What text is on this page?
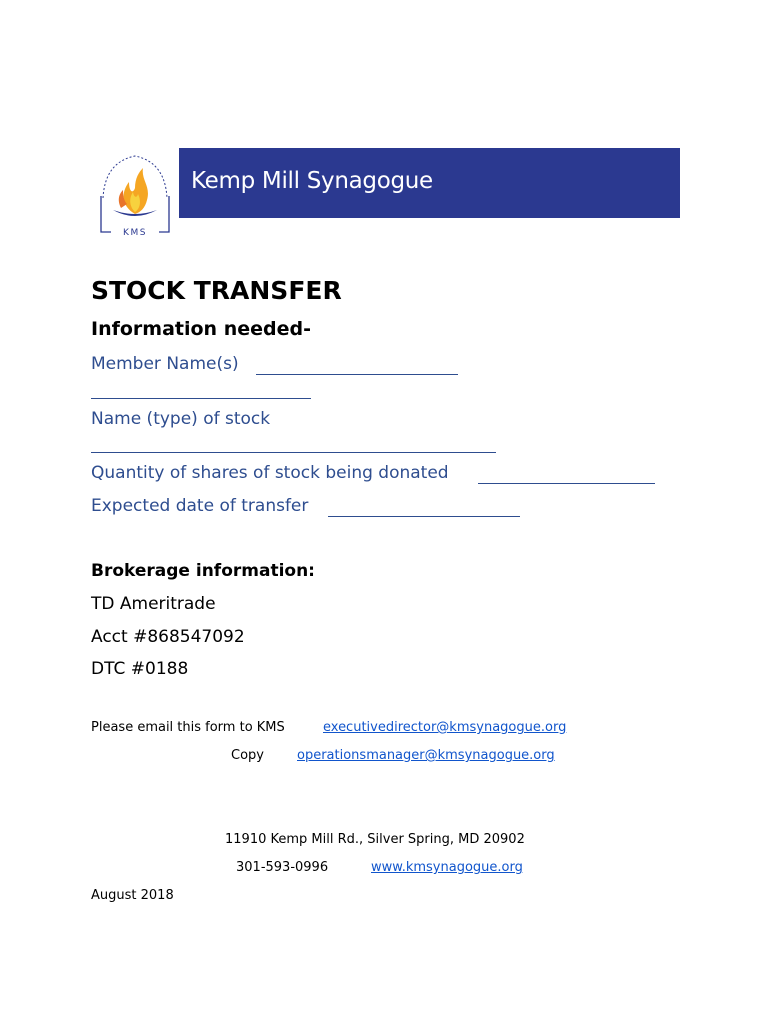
KMS
Kemp Mill Synagogue
STOCK TRANSFER
Information needed-
Member Name(s)
Name (type) of stock
Quantity of shares of stock being donated
Expected date of transfer
Brokerage information:
TD Ameritrade
Acct #868547092
DTC #0188
Please email this form to KMS	executivedirector@kmsynagogue.org
Copy	operationsmanager@kmsynagogue.org
11910 Kemp Mill Rd., Silver Spring, MD 20902
301-593-0996	www.kmsynagogue.org
August 2018
